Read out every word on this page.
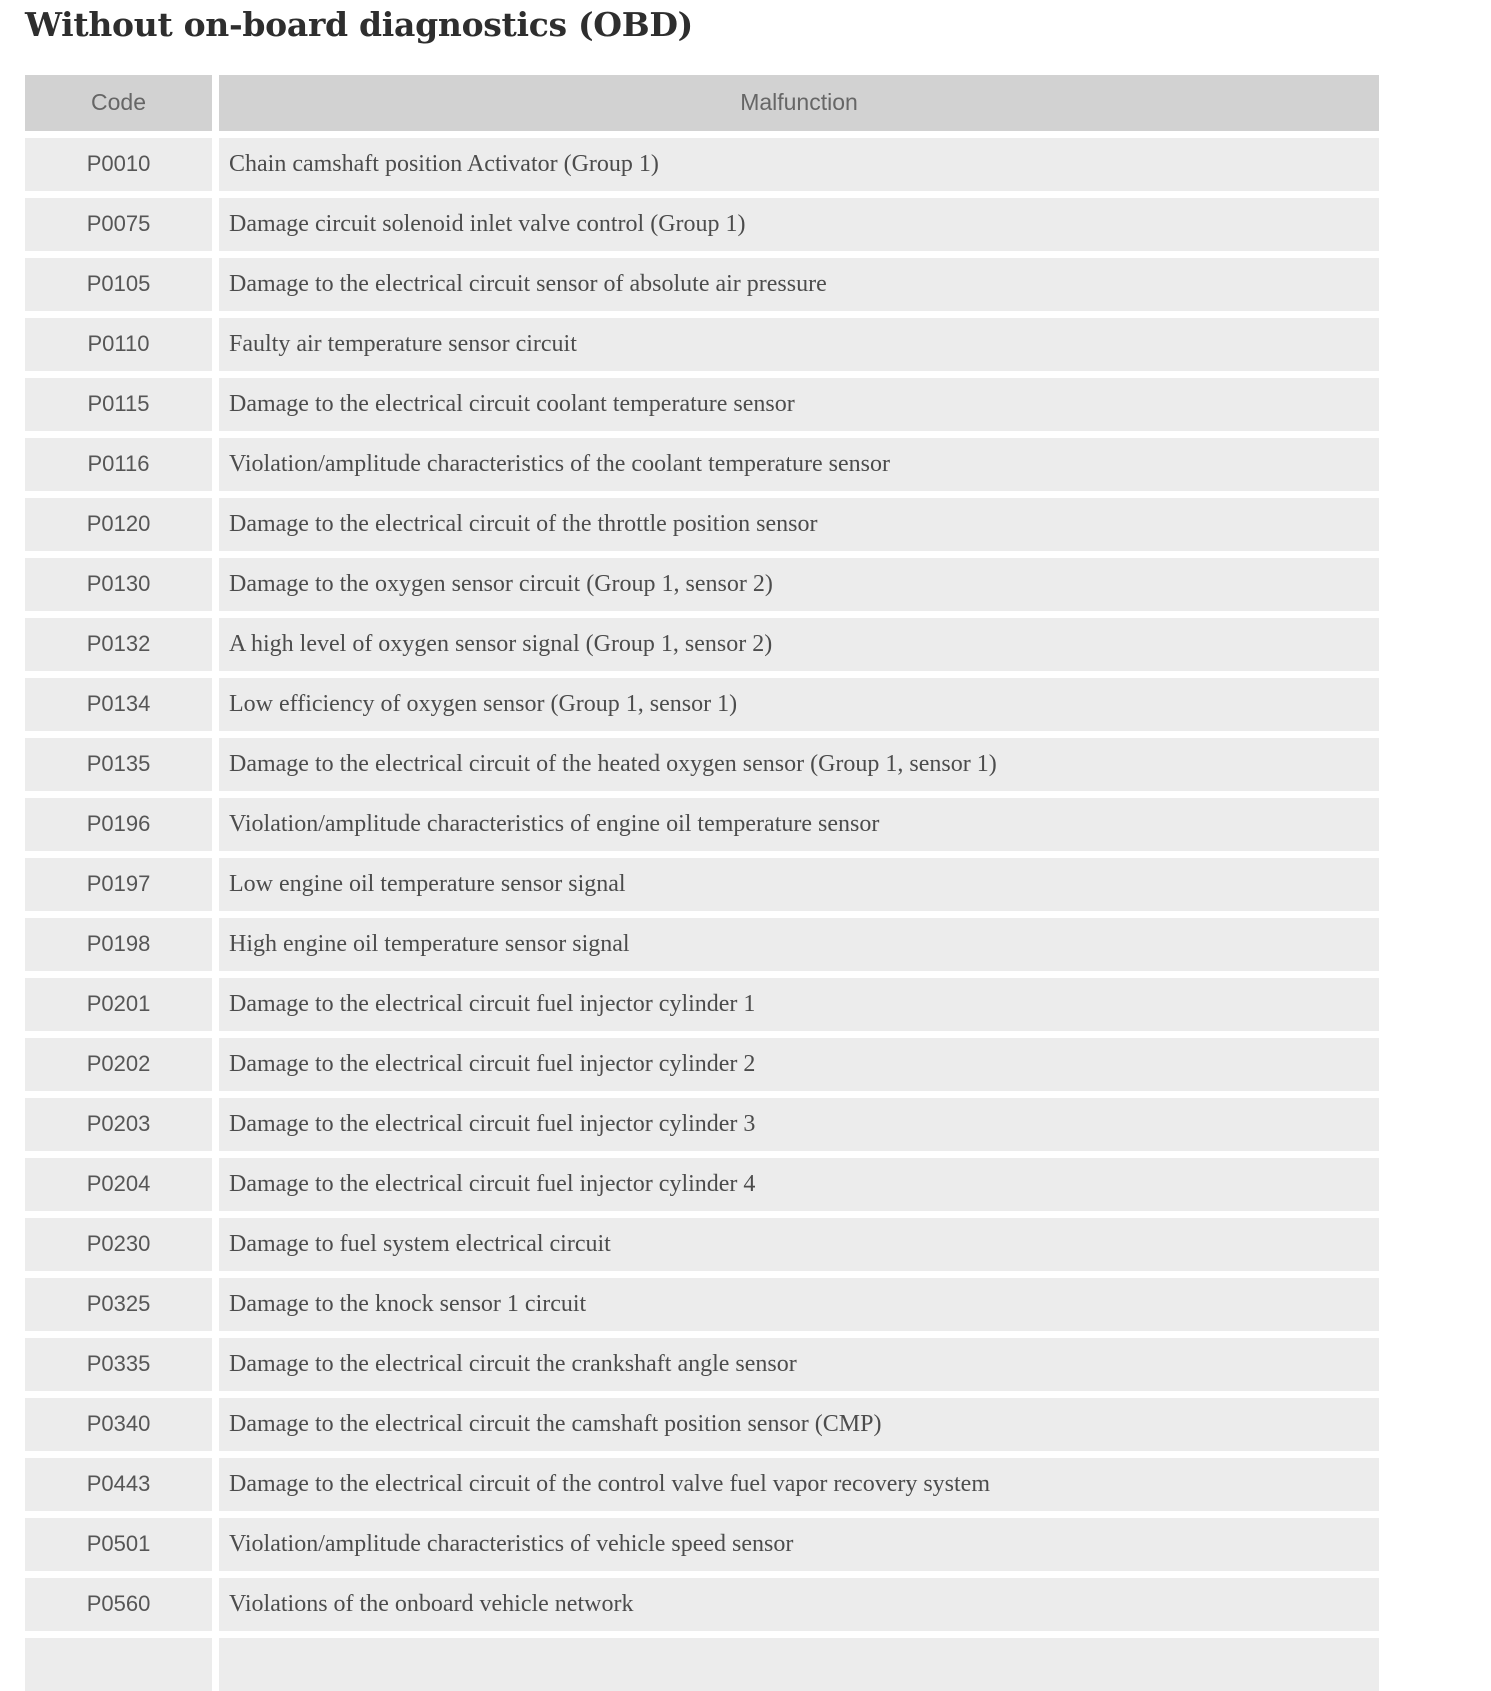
Without on-board diagnostics (OBD)
Code	Malfunction
P0010	Chain camshaft position Activator (Group 1)
P0075	Damage circuit solenoid inlet valve control (Group 1)
P0105	Damage to the electrical circuit sensor of absolute air pressure
P0110	Faulty air temperature sensor circuit
P0115	Damage to the electrical circuit coolant temperature sensor
P0116	Violation/amplitude characteristics of the coolant temperature sensor
P0120	Damage to the electrical circuit of the throttle position sensor
P0130	Damage to the oxygen sensor circuit (Group 1, sensor 2)
P0132	A high level of oxygen sensor signal (Group 1, sensor 2)
P0134	Low efficiency of oxygen sensor (Group 1, sensor 1)
P0135	Damage to the electrical circuit of the heated oxygen sensor (Group 1, sensor 1)
P0196	Violation/amplitude characteristics of engine oil temperature sensor
P0197	Low engine oil temperature sensor signal
P0198	High engine oil temperature sensor signal
P0201	Damage to the electrical circuit fuel injector cylinder 1
P0202	Damage to the electrical circuit fuel injector cylinder 2
P0203	Damage to the electrical circuit fuel injector cylinder 3
P0204	Damage to the electrical circuit fuel injector cylinder 4
P0230	Damage to fuel system electrical circuit
P0325	Damage to the knock sensor 1 circuit
P0335	Damage to the electrical circuit the crankshaft angle sensor
P0340	Damage to the electrical circuit the camshaft position sensor (CMP)
P0443	Damage to the electrical circuit of the control valve fuel vapor recovery system
P0501	Violation/amplitude characteristics of vehicle speed sensor
P0560	Violations of the onboard vehicle network
